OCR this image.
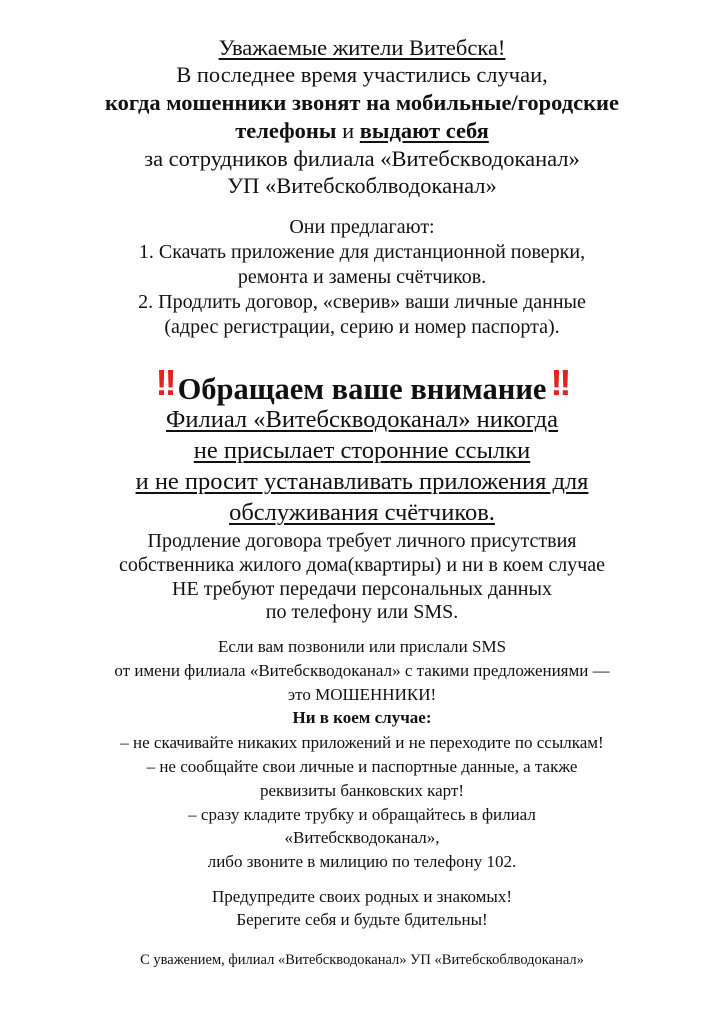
Уважаемые жители Витебска!
В последнее время участились случаи,
когда мошенники звонят на мобильные/городские
телефоны и выдают себя
за сотрудников филиала «Витебскводоканал»
УП «Витебскоблводоканал»
Они предлагают:
1. Скачать приложение для дистанционной поверки,
ремонта и замены счётчиков.
2. Продлить договор, «сверив» ваши личные данные
(адрес регистрации, серию и номер паспорта).
!! Обращаем ваше внимание !!
Филиал «Витебскводоканал» никогда
не присылает сторонние ссылки
и не просит устанавливать приложения для
обслуживания счётчиков.
Продление договора требует личного присутствия
собственника жилого дома(квартиры) и ни в коем случае
НЕ требуют передачи персональных данных
по телефону или SMS.
Если вам позвонили или прислали SMS
от имени филиала «Витебскводоканал» с такими предложениями —
это МОШЕННИКИ!
Ни в коем случае:
– не скачивайте никаких приложений и не переходите по ссылкам!
– не сообщайте свои личные и паспортные данные, а также
реквизиты банковских карт!
– сразу кладите трубку и обращайтесь в филиал
«Витебскводоканал»,
либо звоните в милицию по телефону 102.
Предупредите своих родных и знакомых!
Берегите себя и будьте бдительны!
С уважением, филиал «Витебскводоканал» УП «Витебскоблводоканал»
